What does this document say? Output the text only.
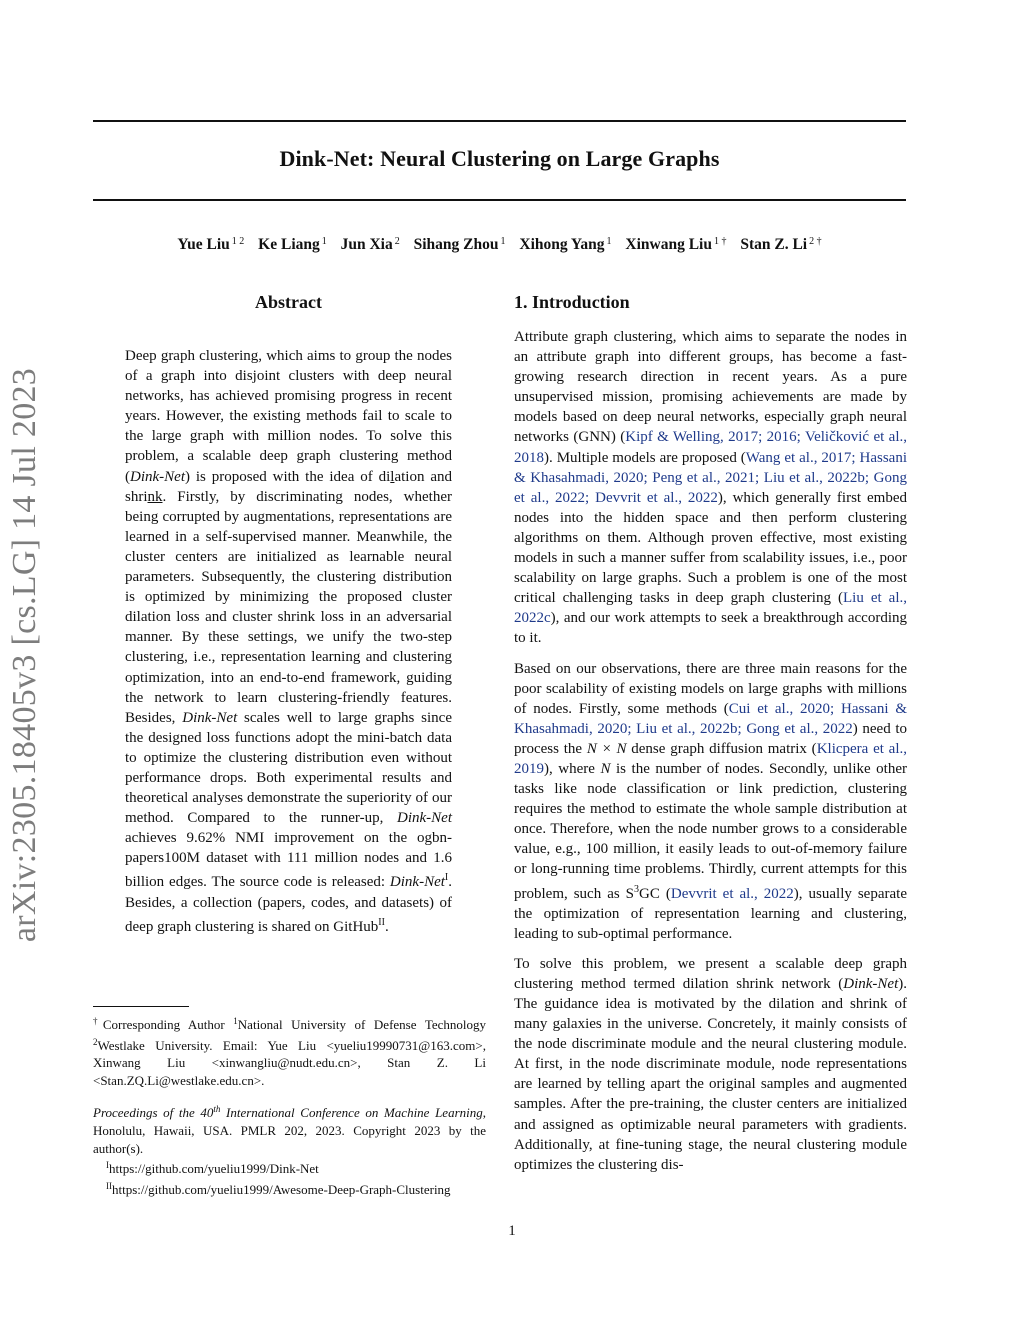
Dink-Net: Neural Clustering on Large Graphs
Yue Liu $^{1 2}$ Ke Liang $^1$ Jun Xia $^2$ Sihang Zhou $^1$ Xihong Yang $^1$ Xinwang Liu $^{1 \dagger}$ Stan Z. Li $^{2 \dagger}$
arXiv:2305.18405v3 [cs.LG] 14 Jul 2023
Abstract	1. Introduction
Deep graph clustering, which aims to group the nodes of a graph into disjoint clusters with deep neural networks, has achieved promising progress in recent years. However, the existing methods fail to scale to the large graph with million nodes. To solve this problem, a scalable deep graph clustering method (Dink-Net) is proposed with the idea of dilation and shrink. Firstly, by discriminating nodes, whether being corrupted by augmentations, representations are learned in a self-supervised manner. Meanwhile, the cluster centers are initialized as learnable neural parameters. Subsequently, the clustering distribution is optimized by minimizing the proposed cluster dilation loss and cluster shrink loss in an adversarial manner. By these settings, we unify the two-step clustering, i.e., representation learning and clustering optimization, into an end-to-end framework, guiding the network to learn clustering-friendly features. Besides, Dink-Net scales well to large graphs since the designed loss functions adopt the mini-batch data to optimize the clustering distribution even without performance drops. Both experimental results and theoretical analyses demonstrate the superiority of our method. Compared to the runner-up, Dink-Net achieves 9.62% NMI improvement on the ogbn-papers100M dataset with 111 million nodes and 1.6 billion edges. The source code is released: Dink-Net$^I$. Besides, a collection (papers, codes, and datasets) of deep graph clustering is shared on GitHub$^{II}$.

Attribute graph clustering, which aims to separate the nodes in an attribute graph into different groups, has become a fast-growing research direction in recent years. As a pure unsupervised mission, promising achievements are made by models based on deep neural networks, especially graph neural networks (GNN) (Kipf & Welling, 2017; 2016; Veličković et al., 2018). Multiple models are proposed (Wang et al., 2017; Hassani & Khasahmadi, 2020; Peng et al., 2021; Liu et al., 2022b; Gong et al., 2022; Devvrit et al., 2022), which generally first embed nodes into the hidden space and then perform clustering algorithms on them. Although proven effective, most existing models in such a manner suffer from scalability issues, i.e., poor scalability on large graphs. Such a problem is one of the most critical challenging tasks in deep graph clustering (Liu et al., 2022c), and our work attempts to seek a breakthrough according to it.

Based on our observations, there are three main reasons for the poor scalability of existing models on large graphs with millions of nodes. Firstly, some methods (Cui et al., 2020; Hassani & Khasahmadi, 2020; Liu et al., 2022b; Gong et al., 2022) need to process the N × N dense graph diffusion matrix (Klicpera et al., 2019), where N is the number of nodes. Secondly, unlike other tasks like node classification or link prediction, clustering requires the method to estimate the whole sample distribution at once. Therefore, when the node number grows to a considerable value, e.g., 100 million, it easily leads to out-of-memory failure or long-running time problems. Thirdly, current attempts for this problem, such as $S^3GC$ (Devvrit et al., 2022), usually separate the optimization of representation learning and clustering, leading to sub-optimal performance.

To solve this problem, we present a scalable deep graph clustering method termed dilation shrink network (Dink-Net). The guidance idea is motivated by the dilation and shrink of many galaxies in the universe. Concretely, it mainly consists of the node discriminate module and the neural clustering module. At first, in the node discriminate module, node representations are learned by telling apart the original samples and augmented samples. After the pre-training, the cluster centers are initialized and assigned as optimizable neural parameters with gradients. Additionally, at fine-tuning stage, the neural clustering module optimizes the clustering dis-

†Corresponding Author $^1$National University of Defense Technology $^2$Westlake University. Email: Yue Liu <yueliu19990731@163.com>, Xinwang Liu <xinwangliu@nudt.edu.cn>, Stan Z. Li <Stan.ZQ.Li@westlake.edu.cn>.

Proceedings of the 40th International Conference on Machine Learning, Honolulu, Hawaii, USA. PMLR 202, 2023. Copyright 2023 by the author(s).

$^I$https://github.com/yueliu1999/Dink-Net

$^{II}$https://github.com/yueliu1999/Awesome-Deep-Graph-Clustering

1
